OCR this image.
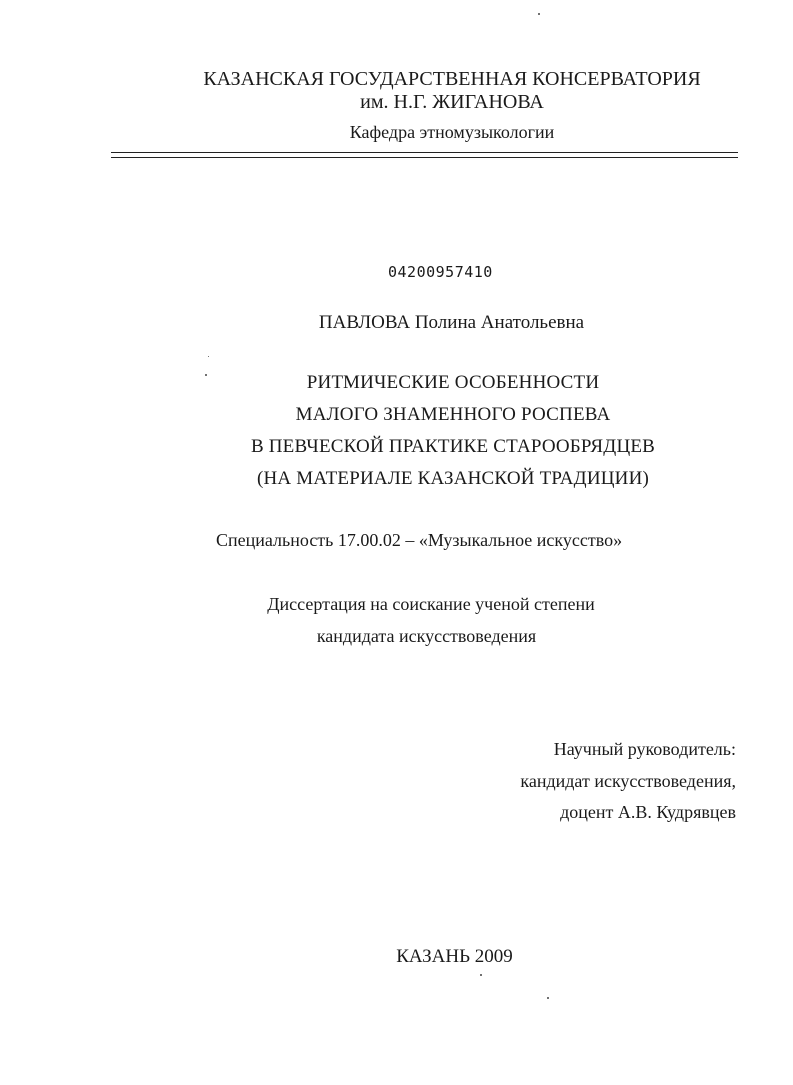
КАЗАНСКАЯ ГОСУДАРСТВЕННАЯ КОНСЕРВАТОРИЯ
им. Н.Г. ЖИГАНОВА
Кафедра этномузыкологии
04200957410
ПАВЛОВА Полина Анатольевна
РИТМИЧЕСКИЕ ОСОБЕННОСТИ
МАЛОГО ЗНАМЕННОГО РОСПЕВА
В ПЕВЧЕСКОЙ ПРАКТИКЕ СТАРООБРЯДЦЕВ
(НА МАТЕРИАЛЕ КАЗАНСКОЙ ТРАДИЦИИ)
Специальность 17.00.02 – «Музыкальное искусство»
Диссертация на соискание ученой степени
кандидата искусствоведения
Научный руководитель:
кандидат искусствоведения,
доцент А.В. Кудрявцев
КАЗАНЬ 2009
